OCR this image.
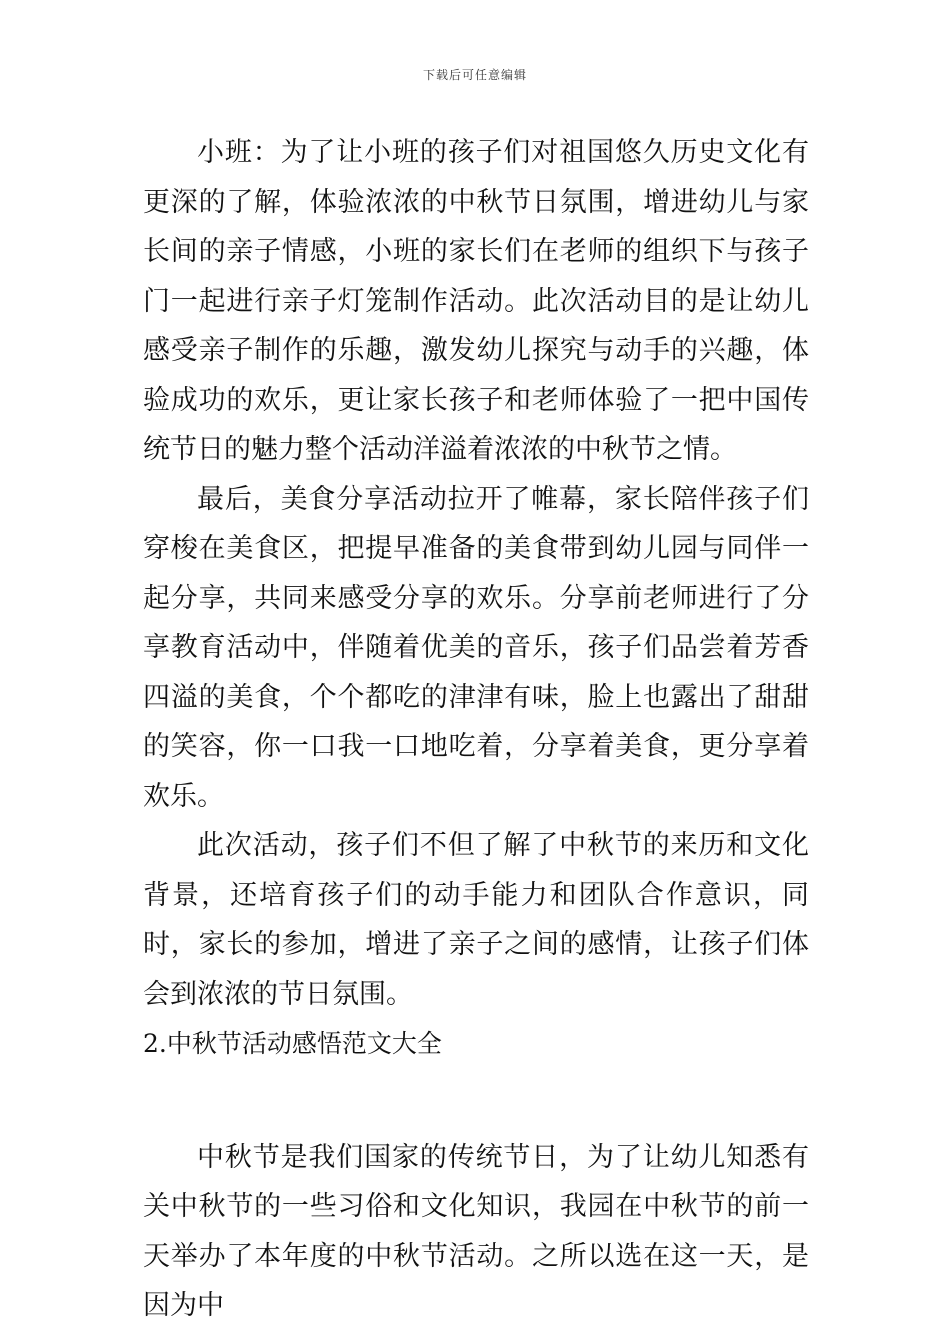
下载后可任意编辑

小班：为了让小班的孩子们对祖国悠久历史文化有更深的了解，体验浓浓的中秋节日氛围，增进幼儿与家长间的亲子情感，小班的家长们在老师的组织下与孩子门一起进行亲子灯笼制作活动。此次活动目的是让幼儿感受亲子制作的乐趣，激发幼儿探究与动手的兴趣，体验成功的欢乐，更让家长孩子和老师体验了一把中国传统节日的魅力整个活动洋溢着浓浓的中秋节之情。

最后，美食分享活动拉开了帷幕，家长陪伴孩子们穿梭在美食区，把提早准备的美食带到幼儿园与同伴一起分享，共同来感受分享的欢乐。分享前老师进行了分享教育活动中，伴随着优美的音乐，孩子们品尝着芳香四溢的美食，个个都吃的津津有味，脸上也露出了甜甜的笑容，你一口我一口地吃着，分享着美食，更分享着欢乐。

此次活动，孩子们不但了解了中秋节的来历和文化背景，还培育孩子们的动手能力和团队合作意识，同时，家长的参加，增进了亲子之间的感情，让孩子们体会到浓浓的节日氛围。

2.中秋节活动感悟范文大全

中秋节是我们国家的传统节日，为了让幼儿知悉有关中秋节的一些习俗和文化知识，我园在中秋节的前一天举办了本年度的中秋节活动。之所以选在这一天，是因为中
